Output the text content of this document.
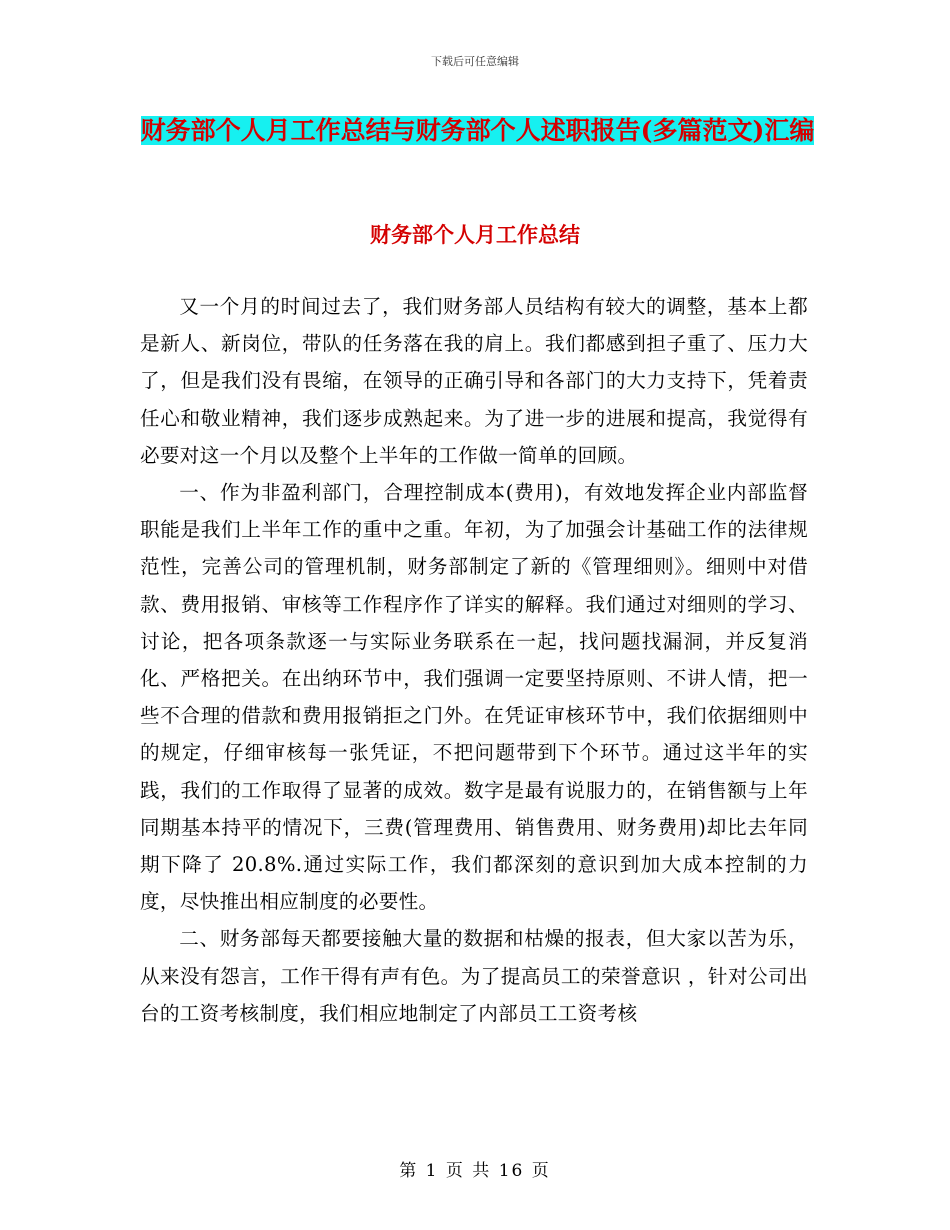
下载后可任意编辑
财务部个人月工作总结与财务部个人述职报告(多篇范文)汇编
财务部个人月工作总结

又一个月的时间过去了，我们财务部人员结构有较大的调整，基本上都是新人、新岗位，带队的任务落在我的肩上。我们都感到担子重了、压力大了，但是我们没有畏缩，在领导的正确引导和各部门的大力支持下，凭着责任心和敬业精神，我们逐步成熟起来。为了进一步的进展和提高，我觉得有必要对这一个月以及整个上半年的工作做一简单的回顾。

一、作为非盈利部门，合理控制成本(费用)，有效地发挥企业内部监督职能是我们上半年工作的重中之重。年初，为了加强会计基础工作的法律规范性，完善公司的管理机制，财务部制定了新的《管理细则》。细则中对借款、费用报销、审核等工作程序作了详实的解释。我们通过对细则的学习、讨论，把各项条款逐一与实际业务联系在一起，找问题找漏洞，并反复消化、严格把关。在出纳环节中，我们强调一定要坚持原则、不讲人情，把一些不合理的借款和费用报销拒之门外。在凭证审核环节中，我们依据细则中的规定，仔细审核每一张凭证，不把问题带到下个环节。通过这半年的实践，我们的工作取得了显著的成效。数字是最有说服力的，在销售额与上年同期基本持平的情况下，三费(管理费用、销售费用、财务费用)却比去年同期下降了 20.8%.通过实际工作，我们都深刻的意识到加大成本控制的力度，尽快推出相应制度的必要性。

二、财务部每天都要接触大量的数据和枯燥的报表，但大家以苦为乐，从来没有怨言，工作干得有声有色。为了提高员工的荣誉意识 ，针对公司出台的工资考核制度，我们相应地制定了内部员工工资考核

第 1 页 共 16 页
